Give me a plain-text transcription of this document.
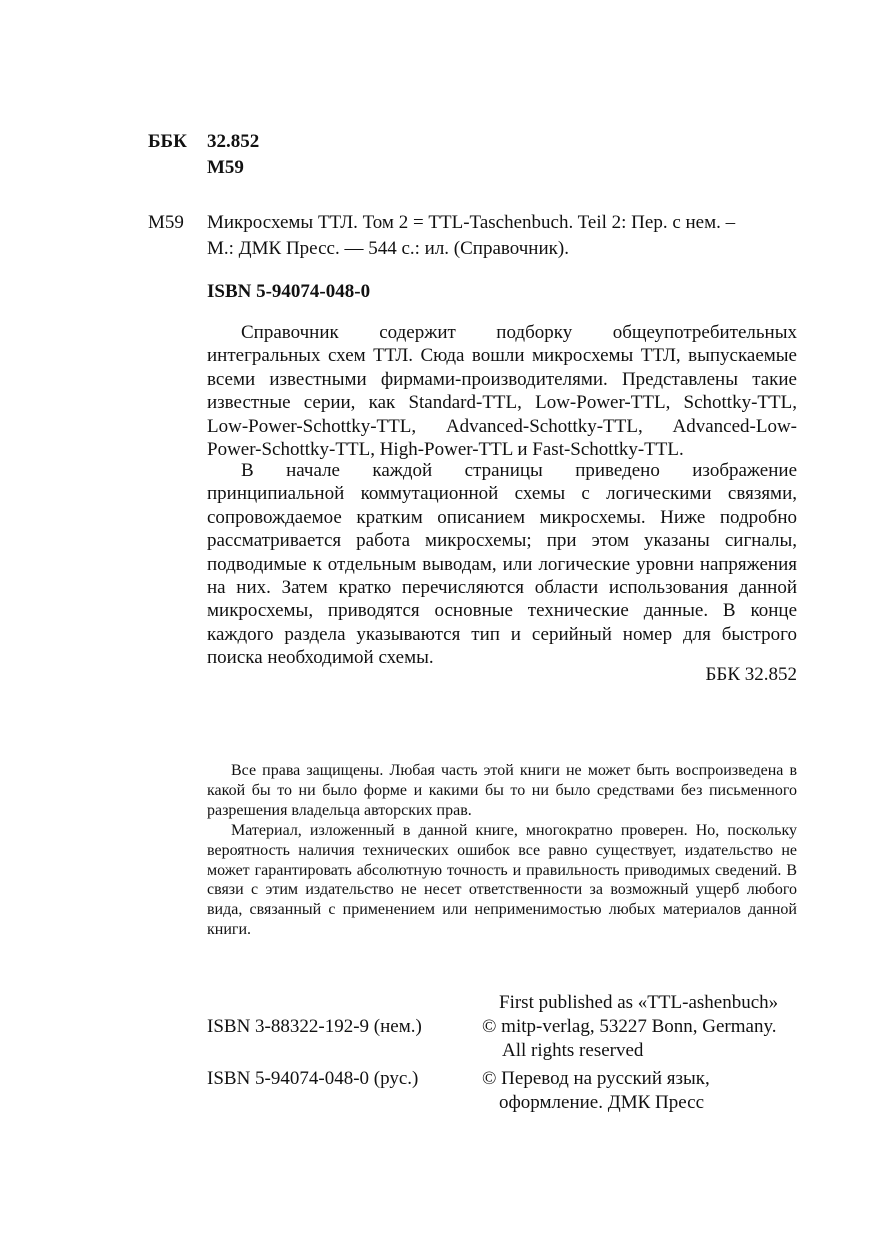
ББК 32.852
М59
М59 Микросхемы ТТЛ. Том 2 = TTL-Taschenbuch. Teil 2: Пер. с нем. –
М.: ДМК Пресс. — 544 с.: ил. (Справочник).
ISBN 5-94074-048-0

Справочник содержит подборку общеупотребительных интегральных схем ТТЛ. Сюда вошли микросхемы ТТЛ, выпускаемые всеми известными фирмами-производителями. Представлены такие известные серии, как Standard-TTL, Low-Power-TTL, Schottky-TTL, Low-Power-Schottky-TTL, Advanced-Schottky-TTL, Advanced-Low-Power-Schottky-TTL, High-Power-TTL и Fast-Schottky-TTL.

В начале каждой страницы приведено изображение принципиальной коммутационной схемы с логическими связями, сопровождаемое кратким описанием микросхемы. Ниже подробно рассматривается работа микросхемы; при этом указаны сигналы, подводимые к отдельным выводам, или логические уровни напряжения на них. Затем кратко перечисляются области использования данной микросхемы, приводятся основные технические данные. В конце каждого раздела указываются тип и серийный номер для быстрого поиска необходимой схемы.

ББК 32.852

Все права защищены. Любая часть этой книги не может быть воспроизведена в какой бы то ни было форме и какими бы то ни было средствами без письменного разрешения владельца авторских прав.

Материал, изложенный в данной книге, многократно проверен. Но, поскольку вероятность наличия технических ошибок все равно существует, издательство не может гарантировать абсолютную точность и правильность приводимых сведений. В связи с этим издательство не несет ответственности за возможный ущерб любого вида, связанный с применением или неприменимостью любых материалов данной книги.

First published as «TTL-ashenbuch»
ISBN 3-88322-192-9 (нем.)	© mitp-verlag, 53227 Bonn, Germany.
All rights reserved
ISBN 5-94074-048-0 (рус.)	© Перевод на русский язык,
оформление. ДМК Пресс
